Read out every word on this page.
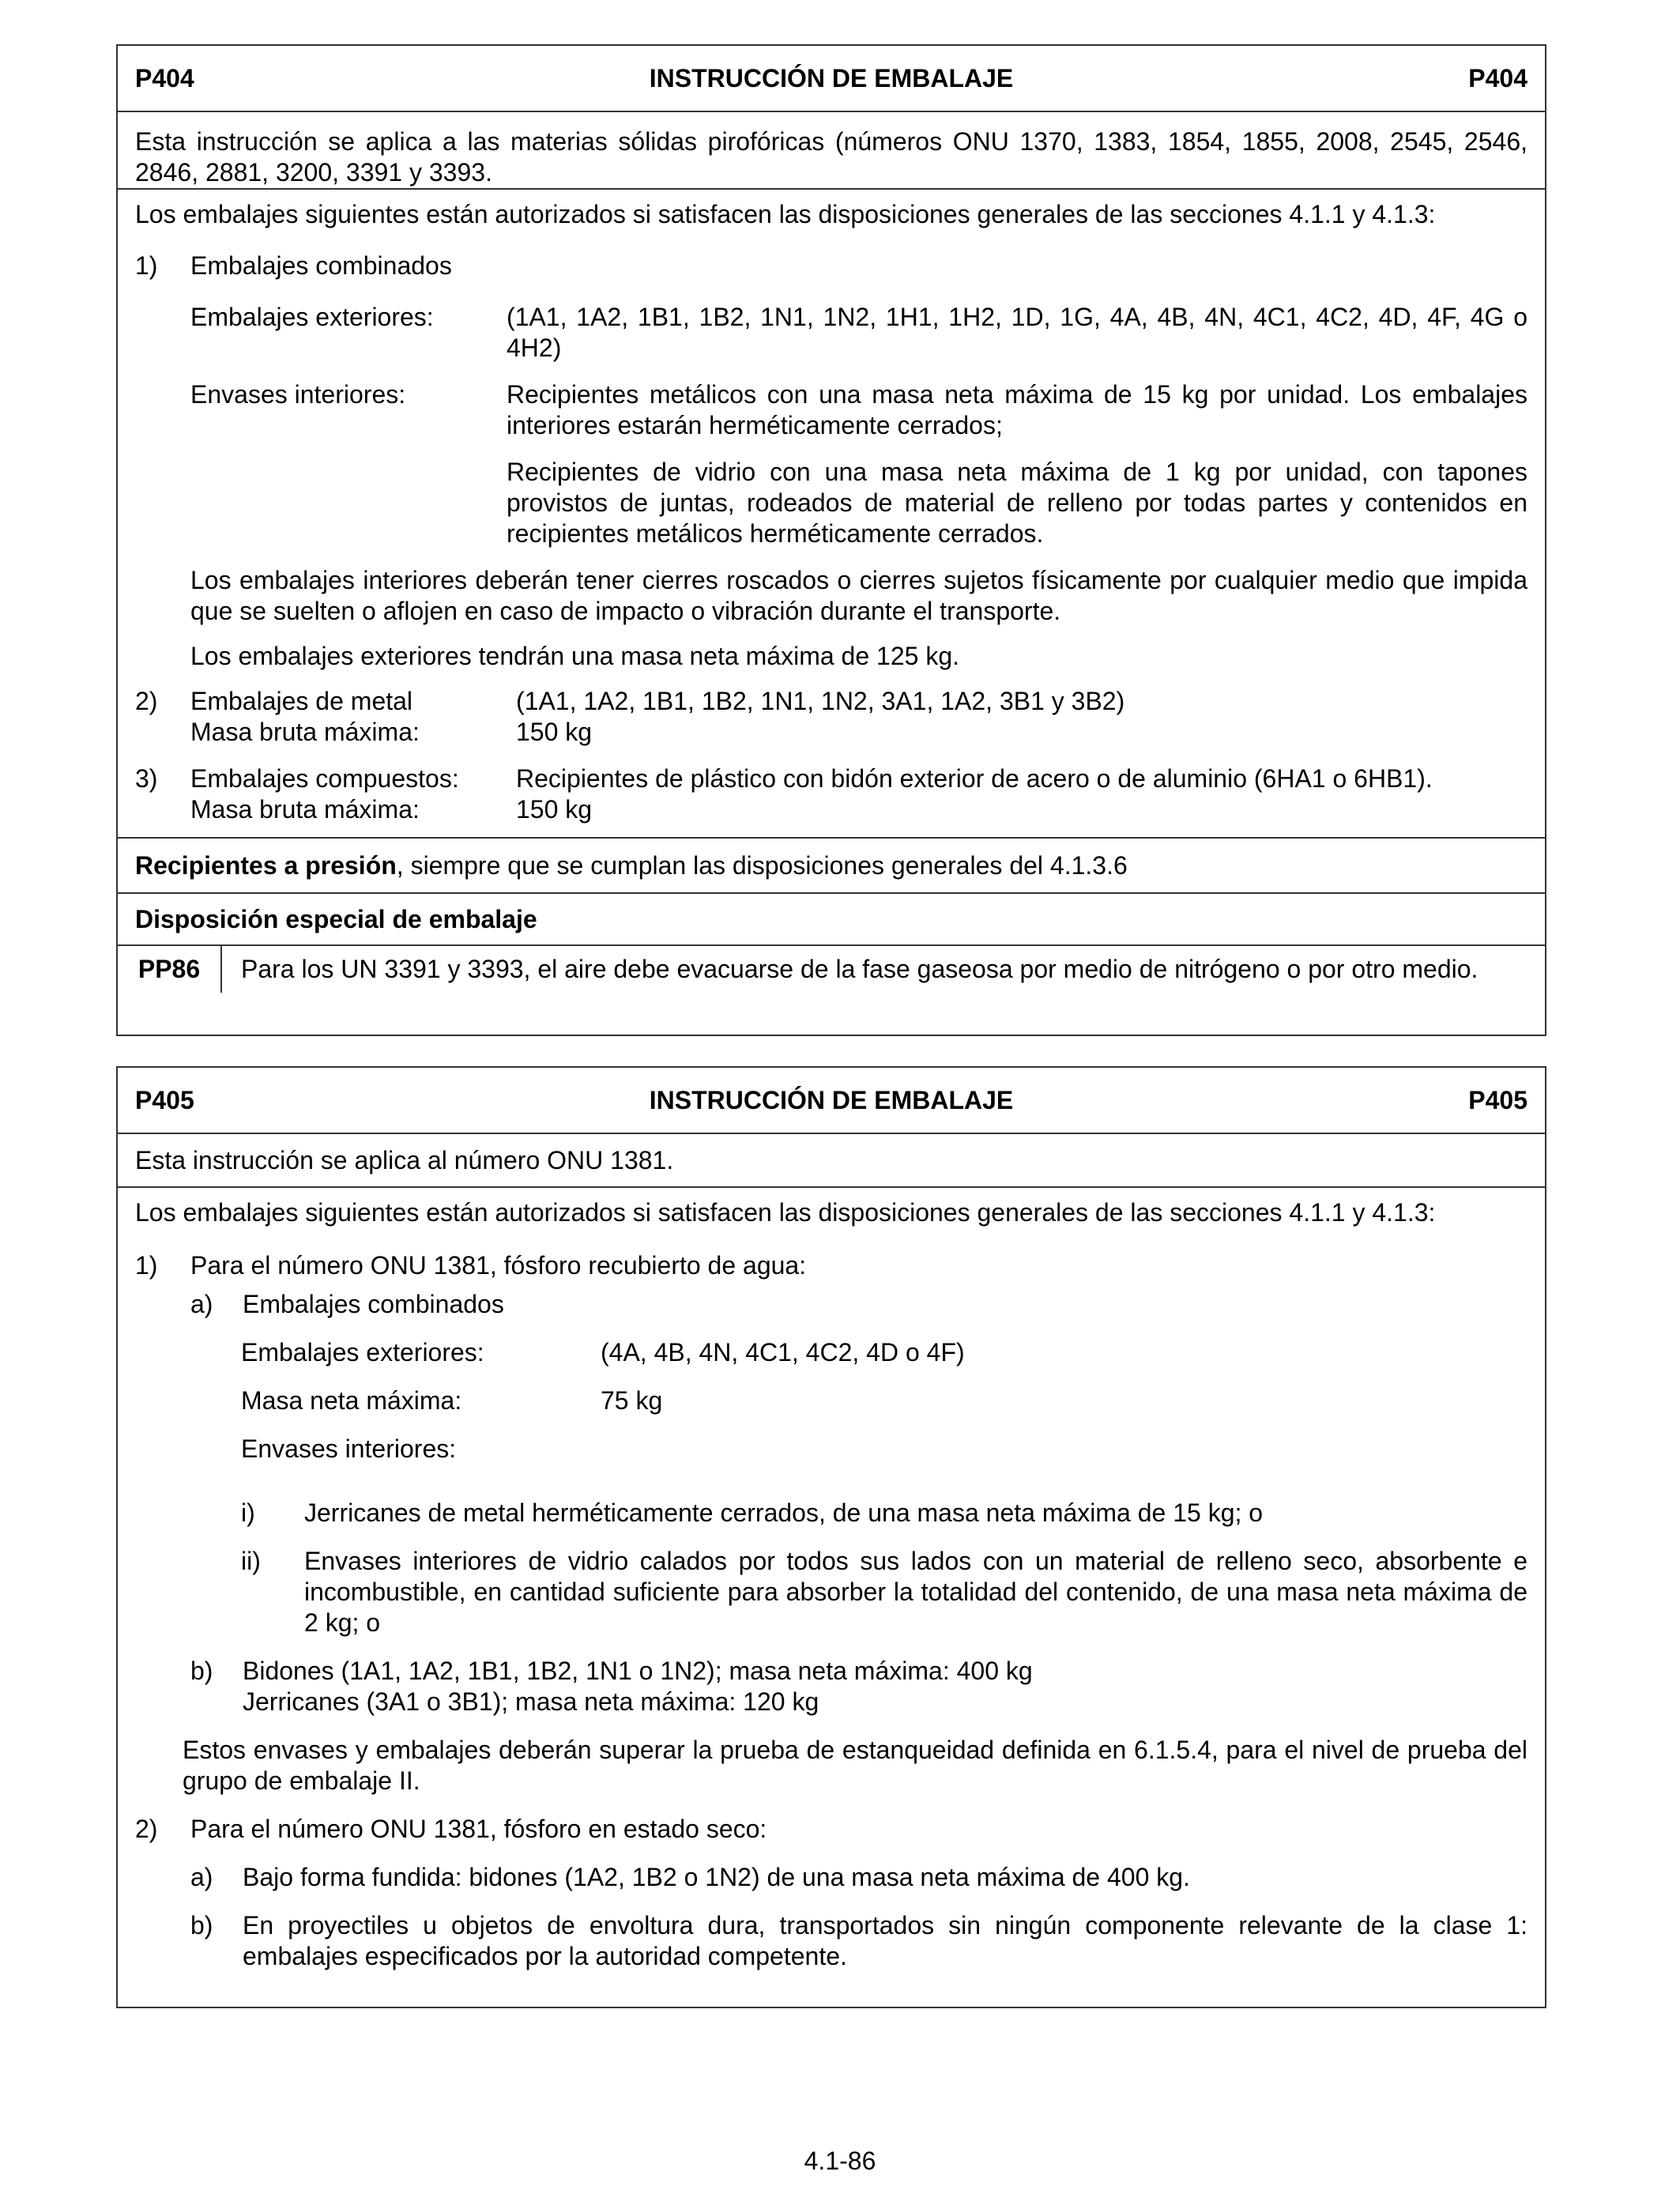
P404	INSTRUCCIÓN DE EMBALAJE	P404

Esta instrucción se aplica a las materias sólidas pirofóricas (números ONU 1370, 1383, 1854, 1855, 2008, 2545, 2546, 2846, 2881, 3200, 3391 y 3393.

Los embalajes siguientes están autorizados si satisfacen las disposiciones generales de las secciones 4.1.1 y 4.1.3:

1)	Embalajes combinados
Embalajes exteriores:	(1A1, 1A2, 1B1, 1B2, 1N1, 1N2, 1H1, 1H2, 1D, 1G, 4A, 4B, 4N, 4C1, 4C2, 4D, 4F, 4G o 4H2)
Envases interiores:	Recipientes metálicos con una masa neta máxima de 15 kg por unidad. Los embalajes interiores estarán herméticamente cerrados;

Recipientes de vidrio con una masa neta máxima de 1 kg por unidad, con tapones provistos de juntas, rodeados de material de relleno por todas partes y contenidos en recipientes metálicos herméticamente cerrados.

Los embalajes interiores deberán tener cierres roscados o cierres sujetos físicamente por cualquier medio que impida que se suelten o aflojen en caso de impacto o vibración durante el transporte.

Los embalajes exteriores tendrán una masa neta máxima de 125 kg.

2)	Embalajes de metal	(1A1, 1A2, 1B1, 1B2, 1N1, 1N2, 3A1, 1A2, 3B1 y 3B2)
Masa bruta máxima:	150 kg
3)	Embalajes compuestos:	Recipientes de plástico con bidón exterior de acero o de aluminio (6HA1 o 6HB1).
Masa bruta máxima:	150 kg

Recipientes a presión, siempre que se cumplan las disposiciones generales del 4.1.3.6

Disposición especial de embalaje
PP86	Para los UN 3391 y 3393, el aire debe evacuarse de la fase gaseosa por medio de nitrógeno o por otro medio.
P405	INSTRUCCIÓN DE EMBALAJE	P405

Esta instrucción se aplica al número ONU 1381.

Los embalajes siguientes están autorizados si satisfacen las disposiciones generales de las secciones 4.1.1 y 4.1.3:

1)	Para el número ONU 1381, fósforo recubierto de agua:
a)	Embalajes combinados
Embalajes exteriores:	(4A, 4B, 4N, 4C1, 4C2, 4D o 4F)
Masa neta máxima:	75 kg

Envases interiores:

i)	Jerricanes de metal herméticamente cerrados, de una masa neta máxima de 15 kg; o
ii)	Envases interiores de vidrio calados por todos sus lados con un material de relleno seco, absorbente e incombustible, en cantidad suficiente para absorber la totalidad del contenido, de una masa neta máxima de 2 kg; o
b)	Bidones (1A1, 1A2, 1B1, 1B2, 1N1 o 1N2); masa neta máxima: 400 kg

Jerricanes (3A1 o 3B1); masa neta máxima: 120 kg

Estos envases y embalajes deberán superar la prueba de estanqueidad definida en 6.1.5.4, para el nivel de prueba del grupo de embalaje II.

2)	Para el número ONU 1381, fósforo en estado seco:
a)	Bajo forma fundida: bidones (1A2, 1B2 o 1N2) de una masa neta máxima de 400 kg.
b)	En proyectiles u objetos de envoltura dura, transportados sin ningún componente relevante de la clase 1: embalajes especificados por la autoridad competente.
4.1-86
